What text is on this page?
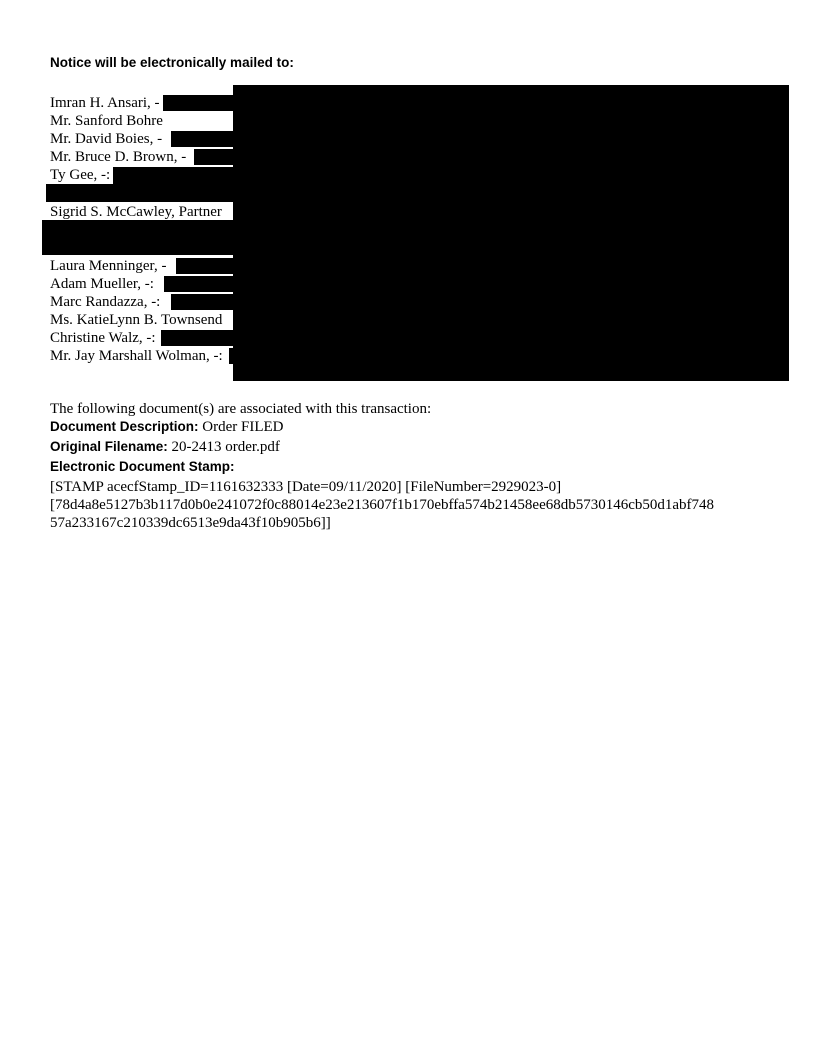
Notice will be electronically mailed to:
Imran H. Ansari, -
Mr. Sanford Bohre
Mr. David Boies, -
Mr. Bruce D. Brown, -
Ty Gee, -:
Sigrid S. McCawley, Partner
Laura Menninger, -
Adam Mueller, -:
Marc Randazza, -:
Ms. KatieLynn B. Townsend
Christine Walz, -:
Mr. Jay Marshall Wolman, -:
The following document(s) are associated with this transaction:
Document Description: Order FILED
Original Filename: 20-2413 order.pdf
Electronic Document Stamp:
[STAMP acecfStamp_ID=1161632333 [Date=09/11/2020] [FileNumber=2929023-0]
[78d4a8e5127b3b117d0b0e241072f0c88014e23e213607f1b170ebffa574b21458ee68db5730146cb50d1abf748
57a233167c210339dc6513e9da43f10b905b6]]
